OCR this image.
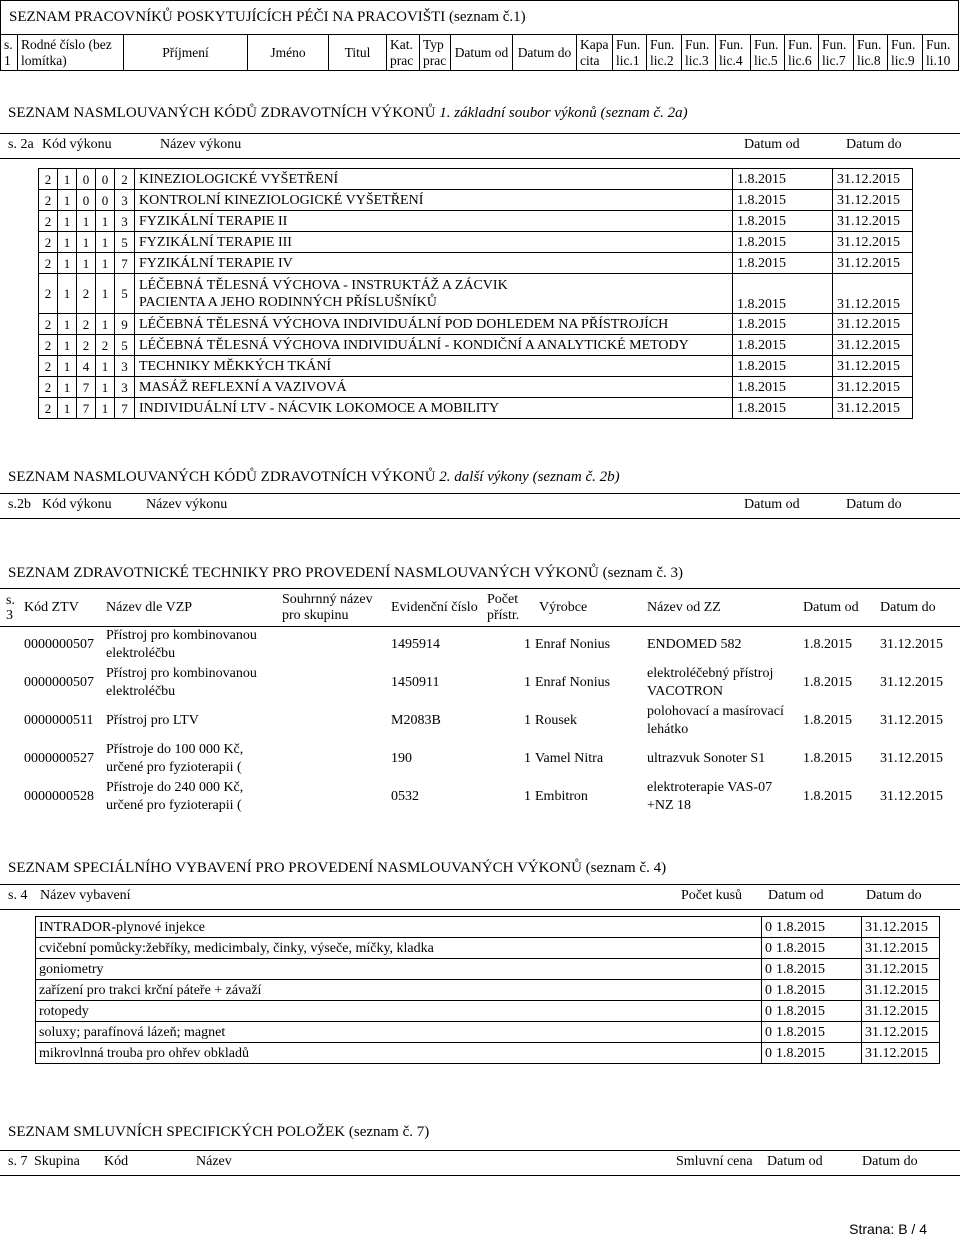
SEZNAM PRACOVNÍKŮ POSKYTUJÍCÍCH PÉČI NA PRACOVIŠTI (seznam č.1)
s. 1	Rodné číslo (bez lomítka)	Příjmení	Jméno	Titul	Kat. prac	Typ prac	Datum od	Datum do	Kapa cita	Fun. lic.1	Fun. lic.2	Fun. lic.3	Fun. lic.4	Fun. lic.5	Fun. lic.6	Fun. lic.7	Fun. lic.8	Fun. lic.9	Fun. li.10
SEZNAM NASMLOUVANÝCH KÓDŮ ZDRAVOTNÍCH VÝKONŮ 1. základní soubor výkonů (seznam č. 2a)
s. 2a Kód výkonu	Název výkonu	Datum od	Datum do
2	1	0	0	2	KINEZIOLOGICKÉ VYŠETŘENÍ	1.8.2015	31.12.2015
2	1	0	0	3	KONTROLNÍ KINEZIOLOGICKÉ VYŠETŘENÍ	1.8.2015	31.12.2015
2	1	1	1	3	FYZIKÁLNÍ TERAPIE II	1.8.2015	31.12.2015
2	1	1	1	5	FYZIKÁLNÍ TERAPIE III	1.8.2015	31.12.2015
2	1	1	1	7	FYZIKÁLNÍ TERAPIE IV	1.8.2015	31.12.2015
2	1	2	1	5	LÉČEBNÁ TĚLESNÁ VÝCHOVA - INSTRUKTÁŽ A ZÁCVIK PACIENTA A JEHO RODINNÝCH PŘÍSLUŠNÍKŮ	1.8.2015	31.12.2015
2	1	2	1	9	LÉČEBNÁ TĚLESNÁ VÝCHOVA INDIVIDUÁLNÍ POD DOHLEDEM NA PŘÍSTROJÍCH	1.8.2015	31.12.2015
2	1	2	2	5	LÉČEBNÁ TĚLESNÁ VÝCHOVA INDIVIDUÁLNÍ - KONDIČNÍ A ANALYTICKÉ METODY	1.8.2015	31.12.2015
2	1	4	1	3	TECHNIKY MĚKKÝCH TKÁNÍ	1.8.2015	31.12.2015
2	1	7	1	3	MASÁŽ REFLEXNÍ A VAZIVOVÁ	1.8.2015	31.12.2015
2	1	7	1	7	INDIVIDUÁLNÍ LTV - NÁCVIK LOKOMOCE A MOBILITY	1.8.2015	31.12.2015
SEZNAM NASMLOUVANÝCH KÓDŮ ZDRAVOTNÍCH VÝKONŮ 2. další výkony (seznam č. 2b)
s.2b Kód výkonu Název výkonu	Datum od	Datum do
SEZNAM ZDRAVOTNICKÉ TECHNIKY PRO PROVEDENÍ NASMLOUVANÝCH VÝKONŮ (seznam č. 3)
s. 3	Kód ZTV	Název dle VZP	Souhrnný název pro skupinu	Evidenční číslo	Počet přístr.	Výrobce	Název od ZZ	Datum od	Datum do
	0000000507	Přístroj pro kombinovanou elektroléčbu		1495914	1	Enraf Nonius	ENDOMED 582	1.8.2015	31.12.2015
	0000000507	Přístroj pro kombinovanou elektroléčbu		1450911	1	Enraf Nonius	elektroléčebný přístroj VACOTRON	1.8.2015	31.12.2015
	0000000511	Přístroj pro LTV		M2083B	1	Rousek	polohovací a masírovací lehátko	1.8.2015	31.12.2015
	0000000527	Přístroje do 100 000 Kč, určené pro fyzioterapii (		190	1	Vamel Nitra	ultrazvuk Sonoter S1	1.8.2015	31.12.2015
	0000000528	Přístroje do 240 000 Kč, určené pro fyzioterapii (		0532	1	Embitron	elektroterapie VAS-07 +NZ 18	1.8.2015	31.12.2015
SEZNAM SPECIÁLNÍHO VYBAVENÍ PRO PROVEDENÍ NASMLOUVANÝCH VÝKONŮ (seznam č. 4)
s. 4 Název vybavení	Počet kusů Datum od	Datum do
INTRADOR-plynové injekce	0 1.8.2015	31.12.2015
cvičební pomůcky:žebříky, medicimbaly, činky, výseče, míčky, kladka	0 1.8.2015	31.12.2015
goniometry	0 1.8.2015	31.12.2015
zařízení pro trakci krční páteře + závaží	0 1.8.2015	31.12.2015
rotopedy	0 1.8.2015	31.12.2015
soluxy; parafínová lázeň; magnet	0 1.8.2015	31.12.2015
mikrovlnná trouba pro ohřev obkladů	0 1.8.2015	31.12.2015
SEZNAM SMLUVNÍCH SPECIFICKÝCH POLOŽEK (seznam č. 7)
s. 7 Skupina Kód	Název	Smluvní cena Datum od	Datum do
Strana: B / 4
